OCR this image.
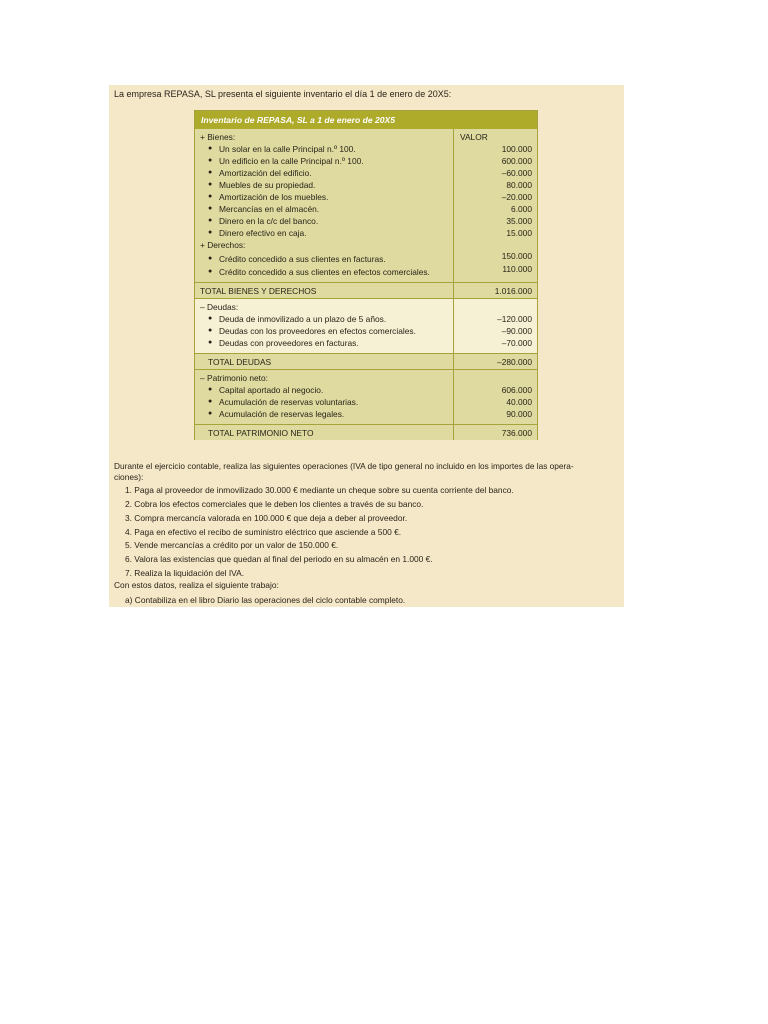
La empresa REPASA, SL presenta el siguiente inventario el día 1 de enero de 20X5:
Inventario de REPASA, SL a 1 de enero de 20X5
+ Bienes:	VALOR
● Un solar en la calle Principal n.º 100.	100.000
● Un edificio en la calle Principal n.º 100.	600.000
● Amortización del edificio.	–60.000
● Muebles de su propiedad.	80.000
● Amortización de los muebles.	–20.000
● Mercancías en el almacén.	6.000
● Dinero en la c/c del banco.	35.000
● Dinero efectivo en caja.	15.000
+ Derechos:
● Crédito concedido a sus clientes en facturas.	150.000
● Crédito concedido a sus clientes en efectos comerciales.	110.000
TOTAL BIENES Y DERECHOS	1.016.000
– Deudas:
● Deuda de inmovilizado a un plazo de 5 años.	–120.000
● Deudas con los proveedores en efectos comerciales.	–90.000
● Deudas con proveedores en facturas.	–70.000
TOTAL DEUDAS	–280.000
– Patrimonio neto:
● Capital aportado al negocio.	606.000
● Acumulación de reservas voluntarias.	40.000
● Acumulación de reservas legales.	90.000
TOTAL PATRIMONIO NETO	736.000
Durante el ejercicio contable, realiza las siguientes operaciones (IVA de tipo general no incluido en los importes de las opera-
ciones):
1. Paga al proveedor de inmovilizado 30.000 € mediante un cheque sobre su cuenta corriente del banco.
2. Cobra los efectos comerciales que le deben los clientes a través de su banco.
3. Compra mercancía valorada en 100.000 € que deja a deber al proveedor.
4. Paga en efectivo el recibo de suministro eléctrico que asciende a 500 €.
5. Vende mercancías a crédito por un valor de 150.000 €.
6. Valora las existencias que quedan al final del periodo en su almacén en 1.000 €.
7. Realiza la liquidación del IVA.
Con estos datos, realiza el siguiente trabajo:
a) Contabiliza en el libro Diario las operaciones del ciclo contable completo.
